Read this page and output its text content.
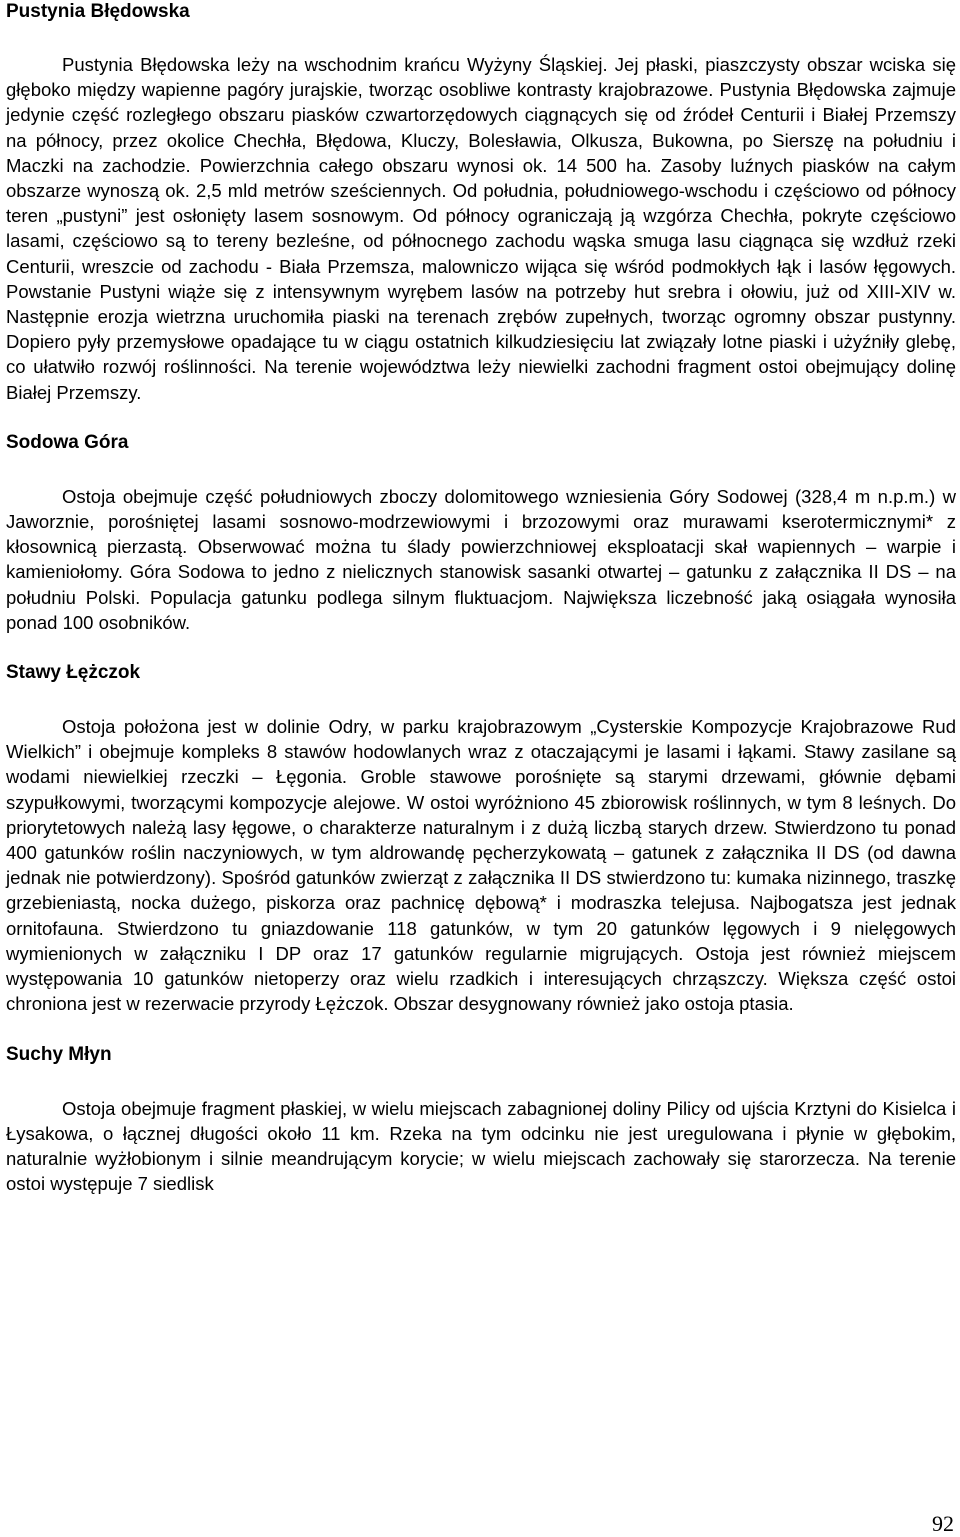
Pustynia Błędowska

Pustynia Błędowska leży na wschodnim krańcu Wyżyny Śląskiej. Jej płaski, piaszczysty obszar wciska się głęboko między wapienne pagóry jurajskie, tworząc osobliwe kontrasty krajobrazowe. Pustynia Błędowska zajmuje jedynie część rozległego obszaru piasków czwartorzędowych ciągnących się od źródeł Centurii i Białej Przemszy na północy, przez okolice Chechła, Błędowa, Kluczy, Bolesławia, Olkusza, Bukowna, po Sierszę na południu i Maczki na zachodzie. Powierzchnia całego obszaru wynosi ok. 14 500 ha. Zasoby luźnych piasków na całym obszarze wynoszą ok. 2,5 mld metrów sześciennych. Od południa, południowego-wschodu i częściowo od północy teren „pustyni” jest osłonięty lasem sosnowym. Od północy ograniczają ją wzgórza Chechła, pokryte częściowo lasami, częściowo są to tereny bezleśne, od północnego zachodu wąska smuga lasu ciągnąca się wzdłuż rzeki Centurii, wreszcie od zachodu - Biała Przemsza, malowniczo wijąca się wśród podmokłych łąk i lasów łęgowych. Powstanie Pustyni wiąże się z intensywnym wyrębem lasów na potrzeby hut srebra i ołowiu, już od XIII-XIV w. Następnie erozja wietrzna uruchomiła piaski na terenach zrębów zupełnych, tworząc ogromny obszar pustynny. Dopiero pyły przemysłowe opadające tu w ciągu ostatnich kilkudziesięciu lat związały lotne piaski i użyźniły glebę, co ułatwiło rozwój roślinności. Na terenie województwa leży niewielki zachodni fragment ostoi obejmujący dolinę Białej Przemszy.

Sodowa Góra

Ostoja obejmuje część południowych zboczy dolomitowego wzniesienia Góry Sodowej (328,4 m n.p.m.) w Jaworznie, porośniętej lasami sosnowo-modrzewiowymi i brzozowymi oraz murawami kserotermicznymi* z kłosownicą pierzastą. Obserwować można tu ślady powierzchniowej eksploatacji skał wapiennych – warpie i kamieniołomy. Góra Sodowa to jedno z nielicznych stanowisk sasanki otwartej – gatunku z załącznika II DS – na południu Polski. Populacja gatunku podlega silnym fluktuacjom. Największa liczebność jaką osiągała wynosiła ponad 100 osobników.

Stawy Łężczok

Ostoja położona jest w dolinie Odry, w parku krajobrazowym „Cysterskie Kompozycje Krajobrazowe Rud Wielkich” i obejmuje kompleks 8 stawów hodowlanych wraz z otaczającymi je lasami i łąkami. Stawy zasilane są wodami niewielkiej rzeczki – Łęgonia. Groble stawowe porośnięte są starymi drzewami, głównie dębami szypułkowymi, tworzącymi kompozycje alejowe. W ostoi wyróżniono 45 zbiorowisk roślinnych, w tym 8 leśnych. Do priorytetowych należą lasy łęgowe, o charakterze naturalnym i z dużą liczbą starych drzew. Stwierdzono tu ponad 400 gatunków roślin naczyniowych, w tym aldrowandę pęcherzykowatą – gatunek z załącznika II DS (od dawna jednak nie potwierdzony). Spośród gatunków zwierząt z załącznika II DS stwierdzono tu: kumaka nizinnego, traszkę grzebieniastą, nocka dużego, piskorza oraz pachnicę dębową* i modraszka telejusa. Najbogatsza jest jednak ornitofauna. Stwierdzono tu gniazdowanie 118 gatunków, w tym 20 gatunków lęgowych i 9 nielęgowych wymienionych w załączniku I DP oraz 17 gatunków regularnie migrujących. Ostoja jest również miejscem występowania 10 gatunków nietoperzy oraz wielu rzadkich i interesujących chrząszczy. Większa część ostoi chroniona jest w rezerwacie przyrody Łężczok. Obszar desygnowany również jako ostoja ptasia.

Suchy Młyn

Ostoja obejmuje fragment płaskiej, w wielu miejscach zabagnionej doliny Pilicy od ujścia Krztyni do Kisielca i Łysakowa, o łącznej długości około 11 km. Rzeka na tym odcinku nie jest uregulowana i płynie w głębokim, naturalnie wyżłobionym i silnie meandrującym korycie; w wielu miejscach zachowały się starorzecza. Na terenie ostoi występuje 7 siedlisk

92
